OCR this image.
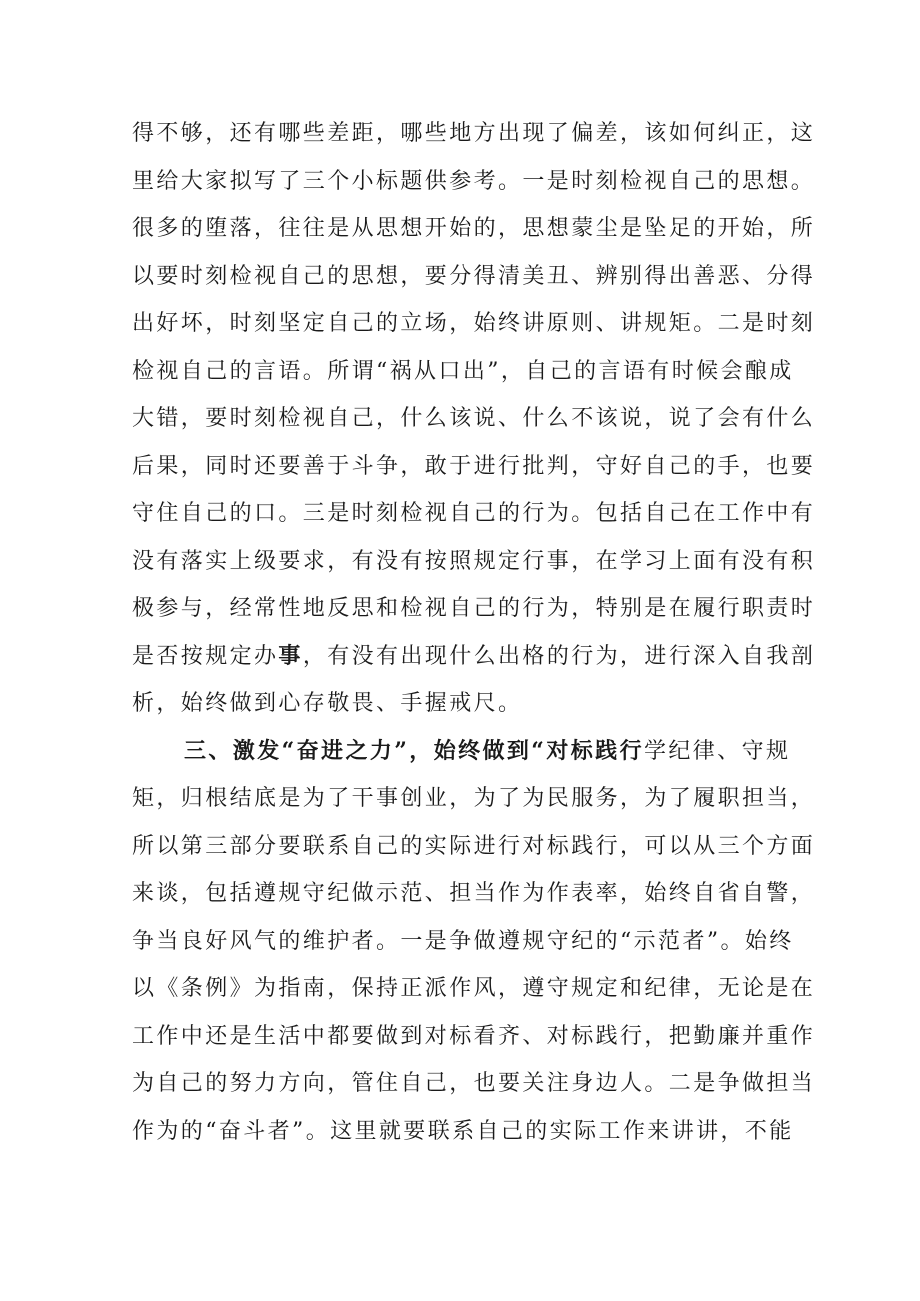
得不够，还有哪些差距，哪些地方出现了偏差，该如何纠正，这
里给大家拟写了三个小标题供参考。一是时刻检视自己的思想。
很多的堕落，往往是从思想开始的，思想蒙尘是坠足的开始，所
以要时刻检视自己的思想，要分得清美丑、辨别得出善恶、分得
出好坏，时刻坚定自己的立场，始终讲原则、讲规矩。二是时刻
检视自己的言语。所谓“祸从口出”，自己的言语有时候会酿成
大错，要时刻检视自己，什么该说、什么不该说，说了会有什么
后果，同时还要善于斗争，敢于进行批判，守好自己的手，也要
守住自己的口。三是时刻检视自己的行为。包括自己在工作中有
没有落实上级要求，有没有按照规定行事，在学习上面有没有积
极参与，经常性地反思和检视自己的行为，特别是在履行职责时
是否按规定办事，有没有出现什么出格的行为，进行深入自我剖
析，始终做到心存敬畏、手握戒尺。
三、激发“奋进之力”，始终做到“对标践行学纪律、守规
矩，归根结底是为了干事创业，为了为民服务，为了履职担当，
所以第三部分要联系自己的实际进行对标践行，可以从三个方面
来谈，包括遵规守纪做示范、担当作为作表率，始终自省自警，
争当良好风气的维护者。一是争做遵规守纪的“示范者”。始终
以《条例》为指南，保持正派作风，遵守规定和纪律，无论是在
工作中还是生活中都要做到对标看齐、对标践行，把勤廉并重作
为自己的努力方向，管住自己，也要关注身边人。二是争做担当
作为的“奋斗者”。这里就要联系自己的实际工作来讲讲，不能
